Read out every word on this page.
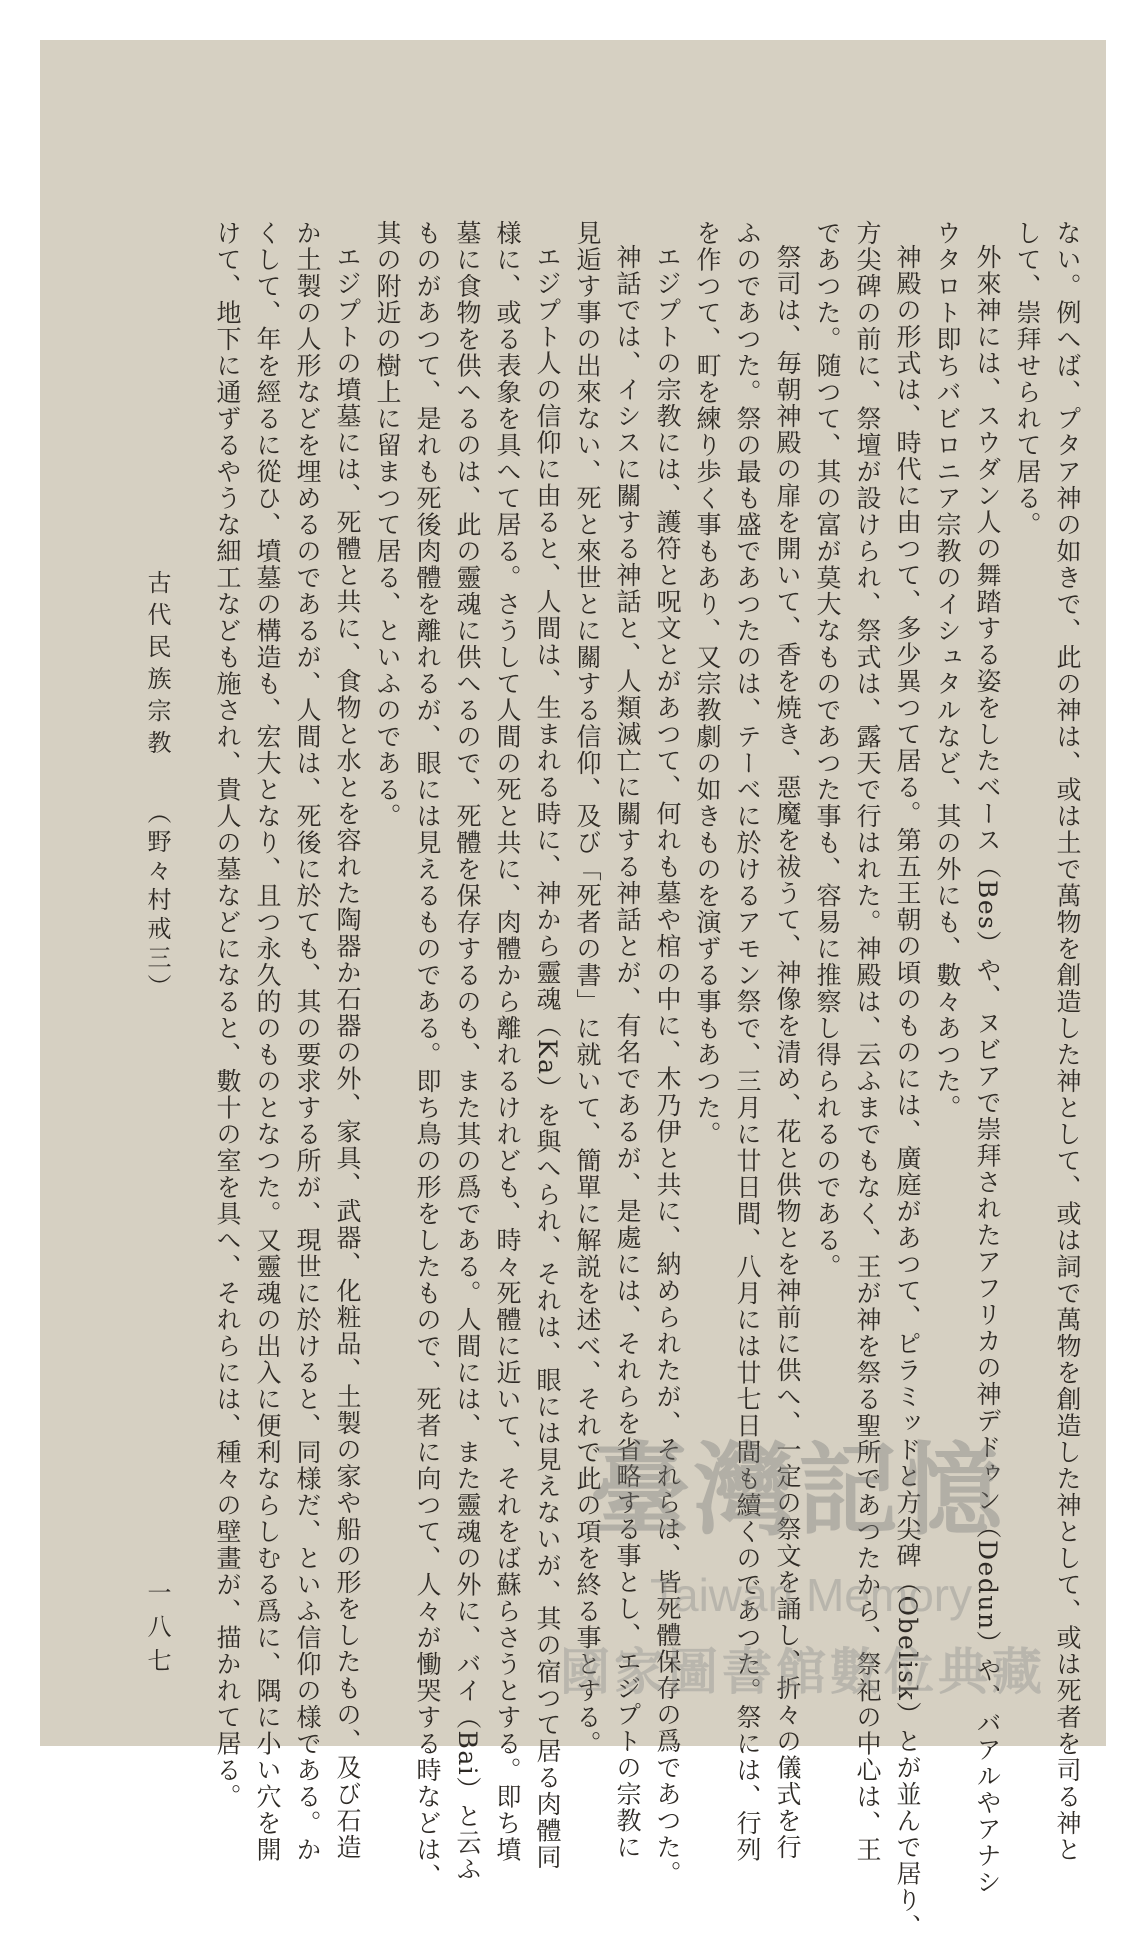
ない。例へば、プタア神の如きで、此の神は、或は土で萬物を創造した神として、或は詞で萬物を創造した神として、或は死者を司る神と
して、崇拜せられて居る。
外來神には、スウダン人の舞踏する姿をしたベース（Bes）や、ヌビアで崇拜されたアフリカの神デドゥン（Dedun）や、バアルやアナシ
ウタロト即ちバビロニア宗教のイシュタルなど、其の外にも、數々あつた。
神殿の形式は、時代に由つて、多少異つて居る。第五王朝の頃のものには、廣庭があつて、ピラミッドと方尖碑（Obelisk）とが並んで居り、
方尖碑の前に、祭壇が設けられ、祭式は、露天で行はれた。神殿は、云ふまでもなく、王が神を祭る聖所であつたから、祭祀の中心は、王
であつた。随つて、其の富が莫大なものであつた事も、容易に推察し得られるのである。
祭司は、毎朝神殿の扉を開いて、香を焼き、惡魔を祓うて、神像を清め、花と供物とを神前に供へ、一定の祭文を誦し、折々の儀式を行
ふのであつた。祭の最も盛であつたのは、テーベに於けるアモン祭で、三月に廿日間、八月には廿七日間も續くのであつた。祭には、行列
を作つて、町を練り歩く事もあり、又宗教劇の如きものを演ずる事もあつた。
エジプトの宗教には、護符と呪文とがあつて、何れも墓や棺の中に、木乃伊と共に、納められたが、それらは、皆死體保存の爲であつた。
神話では、イシスに關する神話と、人類滅亡に關する神話とが、有名であるが、是處には、それらを省略する事とし、エジプトの宗教に
見逅す事の出來ない、死と來世とに關する信仰、及び「死者の書」に就いて、簡單に解説を述べ、それで此の項を終る事とする。
エジプト人の信仰に由ると、人間は、生まれる時に、神から靈魂（Ka）を與へられ、それは、眼には見えないが、其の宿つて居る肉體同
様に、或る表象を具へて居る。さうして人間の死と共に、肉體から離れるけれども、時々死體に近いて、それをば蘇らさうとする。即ち墳
墓に食物を供へるのは、此の靈魂に供へるので、死體を保存するのも、また其の爲である。人間には、また靈魂の外に、バイ（Bai）と云ふ
ものがあつて、是れも死後肉體を離れるが、眼には見えるものである。即ち鳥の形をしたもので、死者に向つて、人々が慟哭する時などは、
其の附近の樹上に留まつて居る、といふのである。
エジプトの墳墓には、死體と共に、食物と水とを容れた陶器か石器の外、家具、武器、化粧品、土製の家や船の形をしたもの、及び石造
か土製の人形などを埋めるのであるが、人間は、死後に於ても、其の要求する所が、現世に於けると、同様だ、といふ信仰の様である。か
くして、年を經るに從ひ、墳墓の構造も、宏大となり、且つ永久的のものとなつた。又靈魂の出入に便利ならしむる爲に、隅に小い穴を開
けて、地下に通ずるやうな細工なども施され、貴人の墓などになると、數十の室を具へ、それらには、種々の壁畫が、描かれて居る。
古代民族宗教
（野々村戒三）
一八七
臺灣記憶
Taiwan Memory
國家圖書館數位典藏
